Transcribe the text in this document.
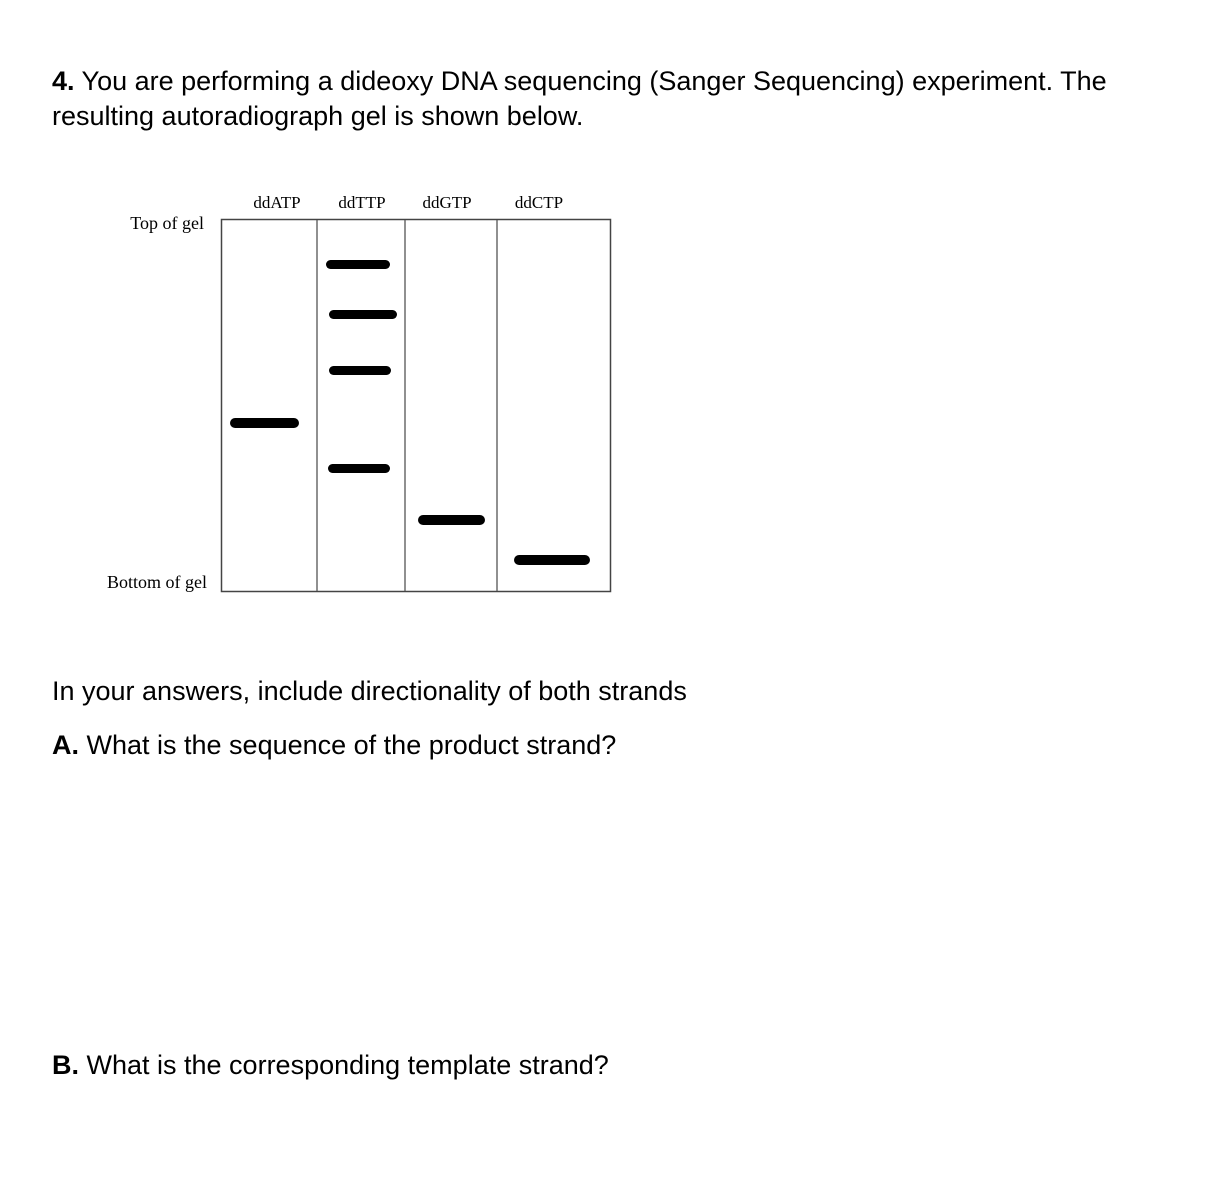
4. You are performing a dideoxy DNA sequencing (Sanger Sequencing) experiment. The resulting autoradiograph gel is shown below.

ddATP ddTTP ddGTP	ddCTP
Top of gel
Bottom of gel

In your answers, include directionality of both strands

A. What is the sequence of the product strand?

B. What is the corresponding template strand?
